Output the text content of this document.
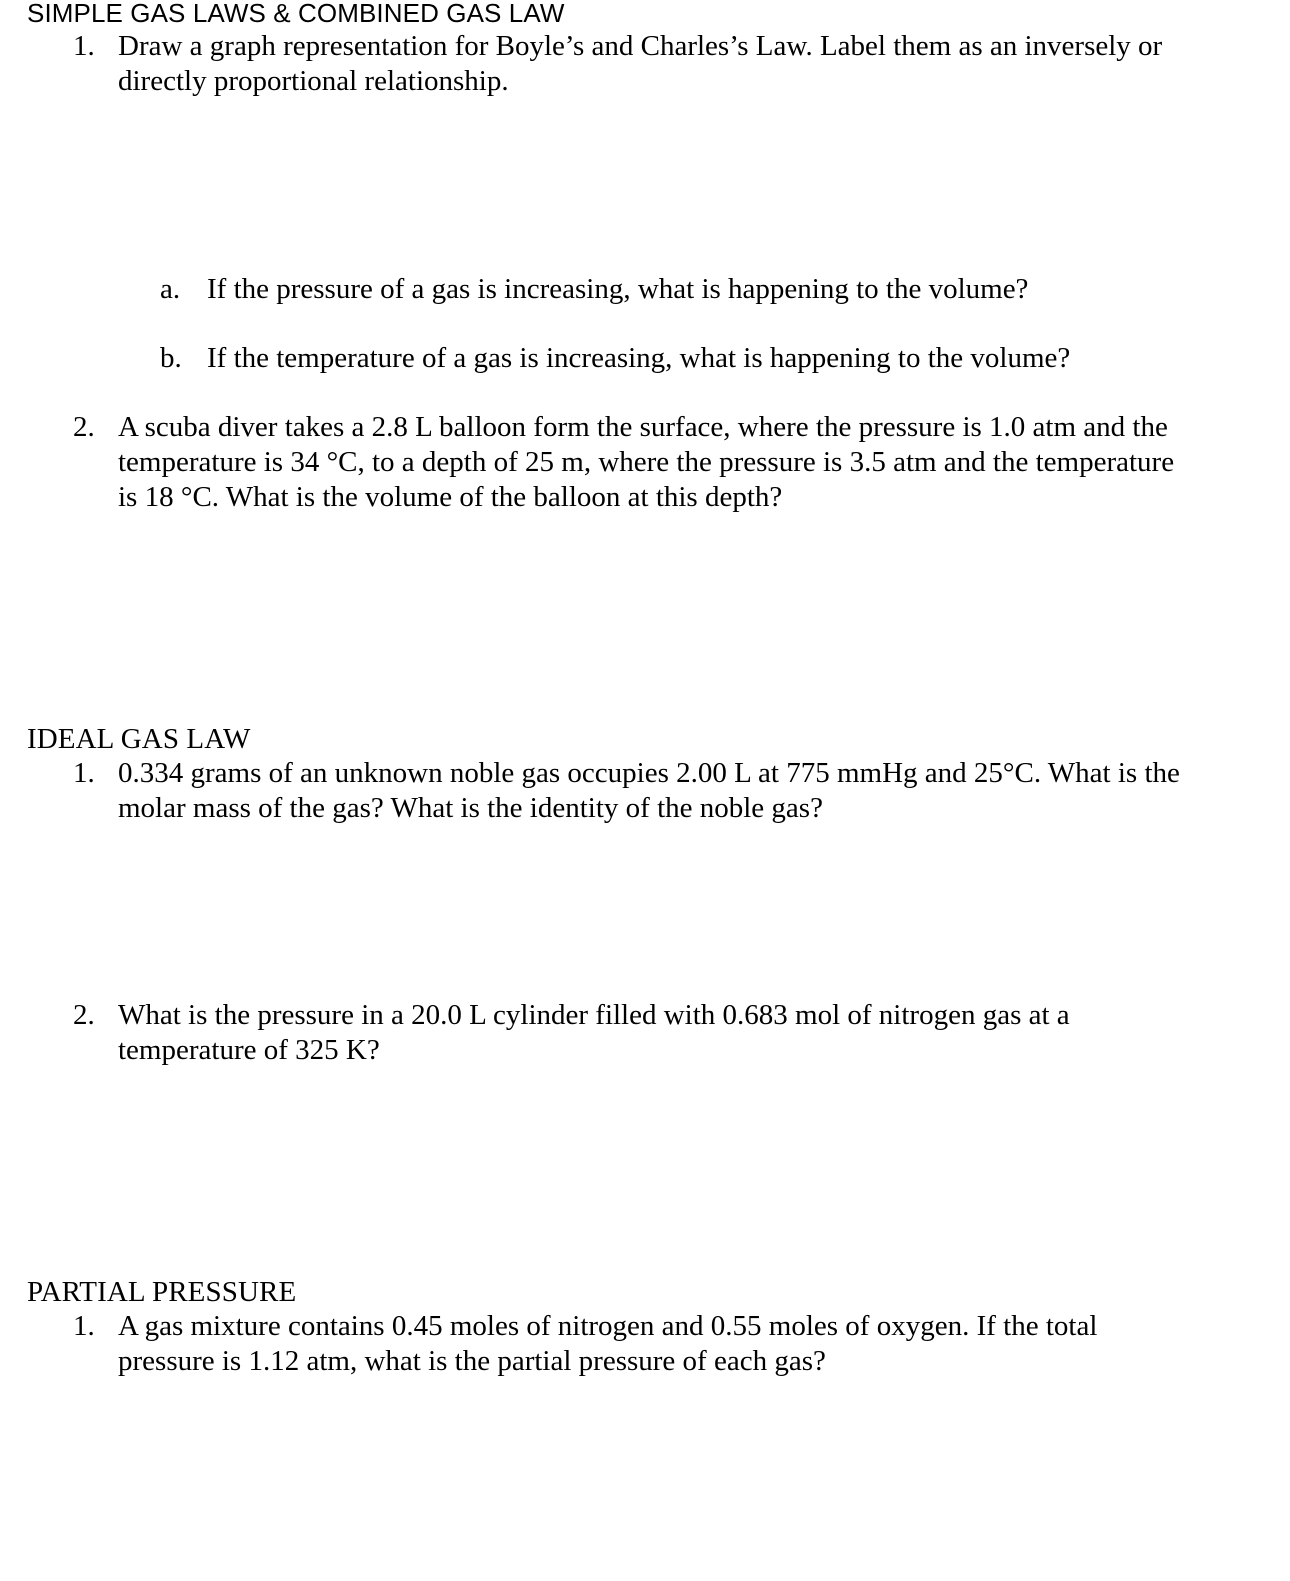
SIMPLE GAS LAWS & COMBINED GAS LAW
1. Draw a graph representation for Boyle’s and Charles’s Law. Label them as an inversely or directly proportional relationship.
a. If the pressure of a gas is increasing, what is happening to the volume?
b. If the temperature of a gas is increasing, what is happening to the volume?
2. A scuba diver takes a 2.8 L balloon form the surface, where the pressure is 1.0 atm and the temperature is 34 °C, to a depth of 25 m, where the pressure is 3.5 atm and the temperature is 18 °C. What is the volume of the balloon at this depth?
IDEAL GAS LAW
1. 0.334 grams of an unknown noble gas occupies 2.00 L at 775 mmHg and 25°C. What is the molar mass of the gas? What is the identity of the noble gas?
2. What is the pressure in a 20.0 L cylinder filled with 0.683 mol of nitrogen gas at a temperature of 325 K?
PARTIAL PRESSURE
1. A gas mixture contains 0.45 moles of nitrogen and 0.55 moles of oxygen. If the total pressure is 1.12 atm, what is the partial pressure of each gas?
